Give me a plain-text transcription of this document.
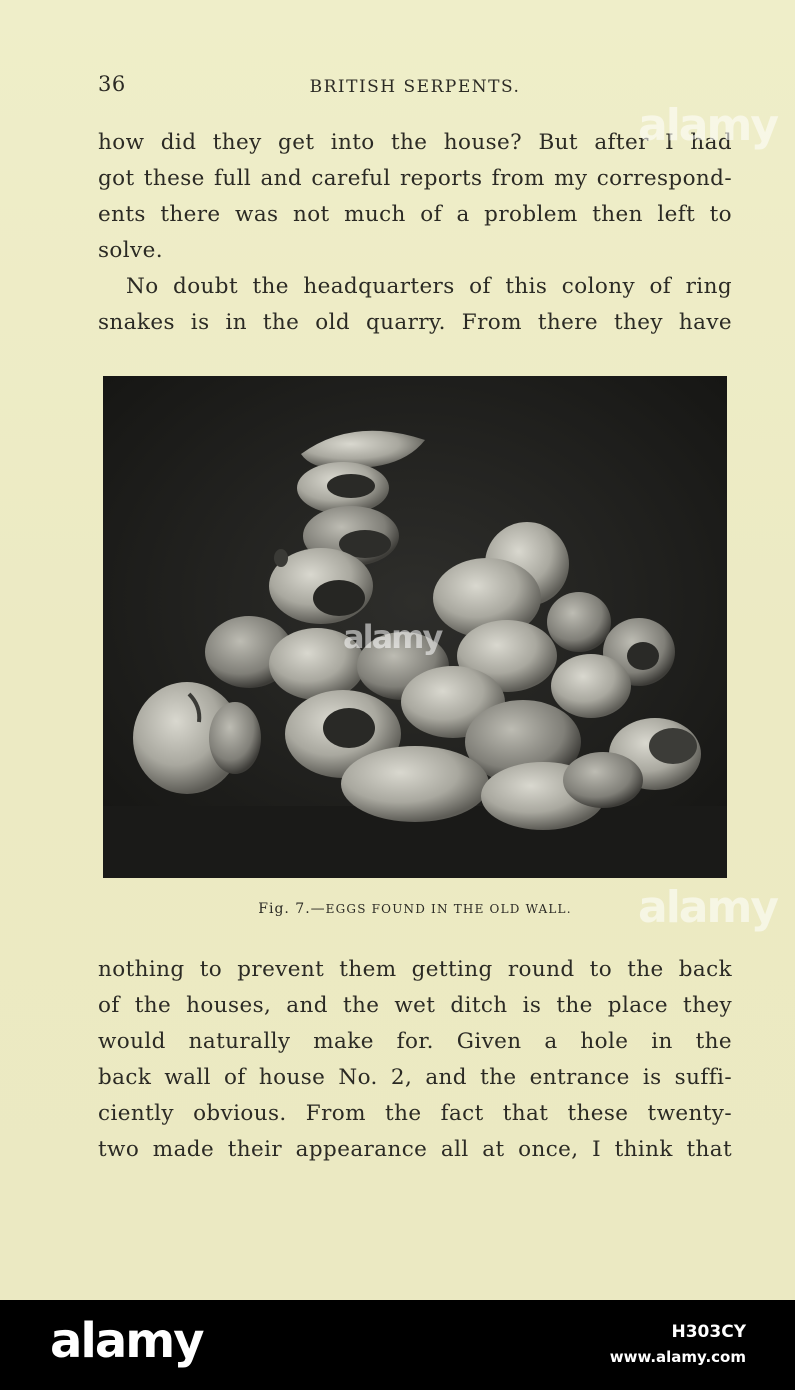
36	BRITISH SERPENTS.
how did they get into the house? But after I had
got these full and careful reports from my correspond-
ents there was not much of a problem then left to
solve.
No doubt the headquarters of this colony of ring
snakes is in the old quarry. From there they have
alamy
Fig. 7.—EGGS FOUND IN THE OLD WALL.
nothing to prevent them getting round to the back
of the houses, and the wet ditch is the place they
would naturally make for. Given a hole in the
back wall of house No. 2, and the entrance is suffi-
ciently obvious. From the fact that these twenty-
two made their appearance all at once, I think that
alamy
alamy
alamy	H303CY
www.alamy.com
